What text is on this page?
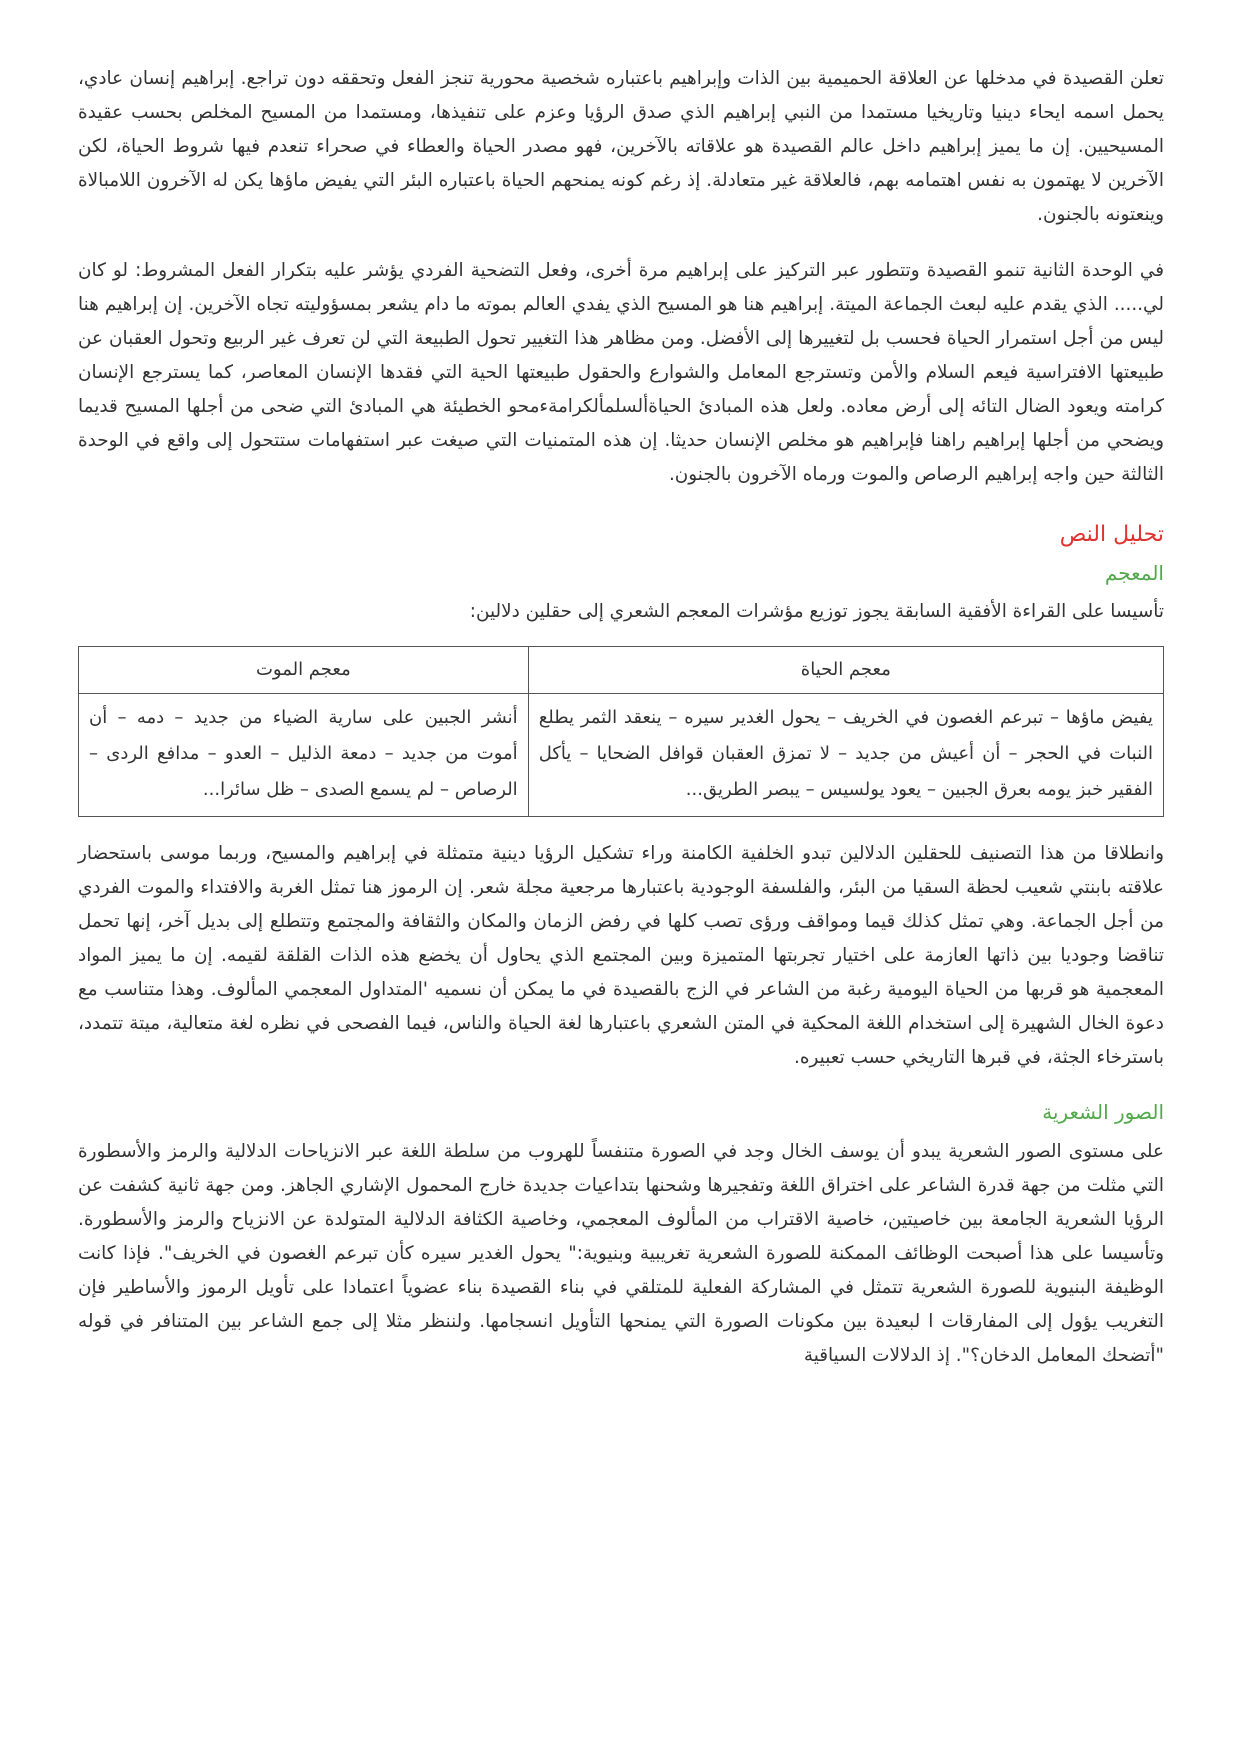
تعلن القصيدة في مدخلها عن العلاقة الحميمية بين الذات وإبراهيم باعتباره شخصية محورية تنجز الفعل وتحققه دون تراجع. إبراهيم إنسان عادي، يحمل اسمه ايحاء دينيا وتاريخيا مستمدا من النبي إبراهيم الذي صدق الرؤيا وعزم على تنفيذها، ومستمدا من المسيح المخلص بحسب عقيدة المسيحيين. إن ما يميز إبراهيم داخل عالم القصيدة هو علاقاته بالآخرين، فهو مصدر الحياة والعطاء في صحراء تنعدم فيها شروط الحياة، لكن الآخرين لا يهتمون به نفس اهتمامه بهم، فالعلاقة غير متعادلة. إذ رغم كونه يمنحهم الحياة باعتباره البئر التي يفيض ماؤها يكن له الآخرون اللامبالاة وينعتونه بالجنون.

في الوحدة الثانية تنمو القصيدة وتتطور عبر التركيز على إبراهيم مرة أخرى، وفعل التضحية الفردي يؤشر عليه بتكرار الفعل المشروط: لو كان لي..... الذي يقدم عليه لبعث الجماعة الميتة. إبراهيم هنا هو المسيح الذي يفدي العالم بموته ما دام يشعر بمسؤوليته تجاه الآخرين. إن إبراهيم هنا ليس من أجل استمرار الحياة فحسب بل لتغييرها إلى الأفضل. ومن مظاهر هذا التغيير تحول الطبيعة التي لن تعرف غير الربيع وتحول العقبان عن طبيعتها الافتراسية فيعم السلام والأمن وتسترجع المعامل والشوارع والحقول طبيعتها الحية التي فقدها الإنسان المعاصر، كما يسترجع الإنسان كرامته ويعود الضال التائه إلى أرض معاده. ولعل هذه المبادئ الحياةألسلمألكرامةءمحو الخطيئة هي المبادئ التي ضحى من أجلها المسيح قديما ويضحي من أجلها إبراهيم راهنا فإبراهيم هو مخلص الإنسان حديثا. إن هذه المتمنيات التي صيغت عبر استفهامات ستتحول إلى واقع في الوحدة الثالثة حين واجه إبراهيم الرصاص والموت ورماه الآخرون بالجنون.

تحليل النص
المعجم

تأسيسا على القراءة الأفقية السابقة يجوز توزيع مؤشرات المعجم الشعري إلى حقلين دلالين:

معجم الحياة	معجم الموت
يفيض ماؤها – تبرعم الغصون في الخريف – يحول الغدير سيره – ينعقد الثمر يطلع النبات في الحجر – أن أعيش من جديد – لا تمزق العقبان قوافل الضحايا – يأكل الفقير خبز يومه بعرق الجبين – يعود يولسيس – يبصر الطريق...	أنشر الجبين على سارية الضياء من جديد – دمه – أن أموت من جديد – دمعة الذليل – العدو – مدافع الردى – الرصاص – لم يسمع الصدى – ظل سائرا...

وانطلاقا من هذا التصنيف للحقلين الدلالين تبدو الخلفية الكامنة وراء تشكيل الرؤيا دينية متمثلة في إبراهيم والمسيح، وربما موسى باستحضار علاقته بابنتي شعيب لحظة السقيا من البئر، والفلسفة الوجودية باعتبارها مرجعية مجلة شعر. إن الرموز هنا تمثل الغربة والافتداء والموت الفردي من أجل الجماعة. وهي تمثل كذلك قيما ومواقف ورؤى تصب كلها في رفض الزمان والمكان والثقافة والمجتمع وتتطلع إلى بديل آخر، إنها تحمل تناقضا وجوديا بين ذاتها العازمة على اختيار تجربتها المتميزة وبين المجتمع الذي يحاول أن يخضع هذه الذات القلقة لقيمه. إن ما يميز المواد المعجمية هو قربها من الحياة اليومية رغبة من الشاعر في الزج بالقصيدة في ما يمكن أن نسميه 'المتداول المعجمي المألوف. وهذا متناسب مع دعوة الخال الشهيرة إلى استخدام اللغة المحكية في المتن الشعري باعتبارها لغة الحياة والناس، فيما الفصحى في نظره لغة متعالية، ميتة تتمدد، باسترخاء الجثة، في قبرها التاريخي حسب تعبيره.

الصور الشعرية

على مستوى الصور الشعرية يبدو أن يوسف الخال وجد في الصورة متنفساً للهروب من سلطة اللغة عبر الانزياحات الدلالية والرمز والأسطورة التي مثلت من جهة قدرة الشاعر على اختراق اللغة وتفجيرها وشحنها بتداعيات جديدة خارج المحمول الإشاري الجاهز. ومن جهة ثانية كشفت عن الرؤيا الشعرية الجامعة بين خاصيتين، خاصية الاقتراب من المألوف المعجمي، وخاصية الكثافة الدلالية المتولدة عن الانزياح والرمز والأسطورة. وتأسيسا على هذا أصبحت الوظائف الممكنة للصورة الشعرية تغريبية وبنيوية:" يحول الغدير سيره كأن تبرعم الغصون في الخريف". فإذا كانت الوظيفة البنيوية للصورة الشعرية تتمثل في المشاركة الفعلية للمتلقي في بناء القصيدة بناء عضوياً اعتمادا على تأويل الرموز والأساطير فإن التغريب يؤول إلى المفارقات ا لبعيدة بين مكونات الصورة التي يمنحها التأويل انسجامها. ولننظر مثلا إلى جمع الشاعر بين المتنافر في قوله "أتضحك المعامل الدخان؟". إذ الدلالات السياقية
